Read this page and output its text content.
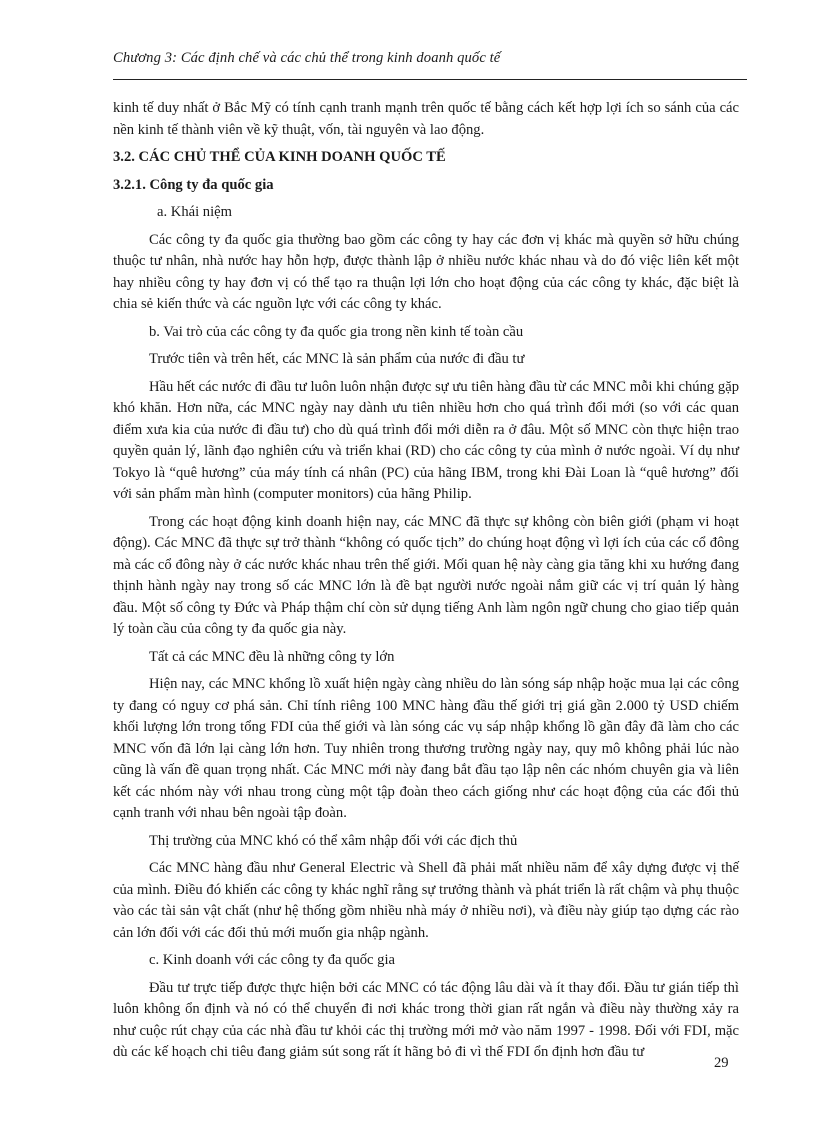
Chương 3: Các định chế và các chủ thể trong kinh doanh quốc tế

kinh tế duy nhất ở Bắc Mỹ có tính cạnh tranh mạnh trên quốc tế bằng cách kết hợp lợi ích so sánh của các nền kinh tế thành viên về kỹ thuật, vốn, tài nguyên và lao động.

3.2. CÁC CHỦ THỂ CỦA KINH DOANH QUỐC TẾ

3.2.1. Công ty đa quốc gia

a. Khái niệm

Các công ty đa quốc gia thường bao gồm các công ty hay các đơn vị khác mà quyền sở hữu chúng thuộc tư nhân, nhà nước hay hỗn hợp, được thành lập ở nhiều nước khác nhau và do đó việc liên kết một hay nhiều công ty hay đơn vị có thể tạo ra thuận lợi lớn cho hoạt động của các công ty khác, đặc biệt là chia sẻ kiến thức và các nguồn lực với các công ty khác.

b. Vai trò của các công ty đa quốc gia trong nền kinh tế toàn cầu

Trước tiên và trên hết, các MNC là sản phẩm của nước đi đầu tư

Hầu hết các nước đi đầu tư luôn luôn nhận được sự ưu tiên hàng đầu từ các MNC mỗi khi chúng gặp khó khăn. Hơn nữa, các MNC ngày nay dành ưu tiên nhiều hơn cho quá trình đổi mới (so với các quan điểm xưa kia của nước đi đầu tư) cho dù quá trình đổi mới diễn ra ở đâu. Một số MNC còn thực hiện trao quyền quản lý, lãnh đạo nghiên cứu và triển khai (RD) cho các công ty của mình ở nước ngoài. Ví dụ như Tokyo là “quê hương” của máy tính cá nhân (PC) của hãng IBM, trong khi Đài Loan là “quê hương” đối với sản phẩm màn hình (computer monitors) của hãng Philip.

Trong các hoạt động kinh doanh hiện nay, các MNC đã thực sự không còn biên giới (phạm vi hoạt động). Các MNC đã thực sự trở thành “không có quốc tịch” do chúng hoạt động vì lợi ích của các cổ đông mà các cổ đông này ở các nước khác nhau trên thế giới. Mối quan hệ này càng gia tăng khi xu hướng đang thịnh hành ngày nay trong số các MNC lớn là đề bạt người nước ngoài nắm giữ các vị trí quản lý hàng đầu. Một số công ty Đức và Pháp thậm chí còn sử dụng tiếng Anh làm ngôn ngữ chung cho giao tiếp quản lý toàn cầu của công ty đa quốc gia này.

Tất cả các MNC đều là những công ty lớn

Hiện nay, các MNC khổng lồ xuất hiện ngày càng nhiều do làn sóng sáp nhập hoặc mua lại các công ty đang có nguy cơ phá sản. Chỉ tính riêng 100 MNC hàng đầu thế giới trị giá gần 2.000 tỷ USD chiếm khối lượng lớn trong tổng FDI của thế giới và làn sóng các vụ sáp nhập khổng lồ gần đây đã làm cho các MNC vốn đã lớn lại càng lớn hơn. Tuy nhiên trong thương trường ngày nay, quy mô không phải lúc nào cũng là vấn đề quan trọng nhất. Các MNC mới này đang bắt đầu tạo lập nên các nhóm chuyên gia và liên kết các nhóm này với nhau trong cùng một tập đoàn theo cách giống như các hoạt động của các đối thủ cạnh tranh với nhau bên ngoài tập đoàn.

Thị trường của MNC khó có thể xâm nhập đối với các địch thủ

Các MNC hàng đầu như General Electric và Shell đã phải mất nhiều năm để xây dựng được vị thế của mình. Điều đó khiến các công ty khác nghĩ rằng sự trưởng thành và phát triển là rất chậm và phụ thuộc vào các tài sản vật chất (như hệ thống gồm nhiều nhà máy ở nhiều nơi), và điều này giúp tạo dựng các rào cản lớn đối với các đối thủ mới muốn gia nhập ngành.

c. Kinh doanh với các công ty đa quốc gia

Đầu tư trực tiếp được thực hiện bởi các MNC có tác động lâu dài và ít thay đổi. Đầu tư gián tiếp thì luôn không ổn định và nó có thể chuyển đi nơi khác trong thời gian rất ngắn và điều này thường xảy ra như cuộc rút chạy của các nhà đầu tư khỏi các thị trường mới mở vào năm 1997 - 1998. Đối với FDI, mặc dù các kế hoạch chi tiêu đang giảm sút song rất ít hãng bỏ đi vì thế FDI ổn định hơn đầu tư

29
